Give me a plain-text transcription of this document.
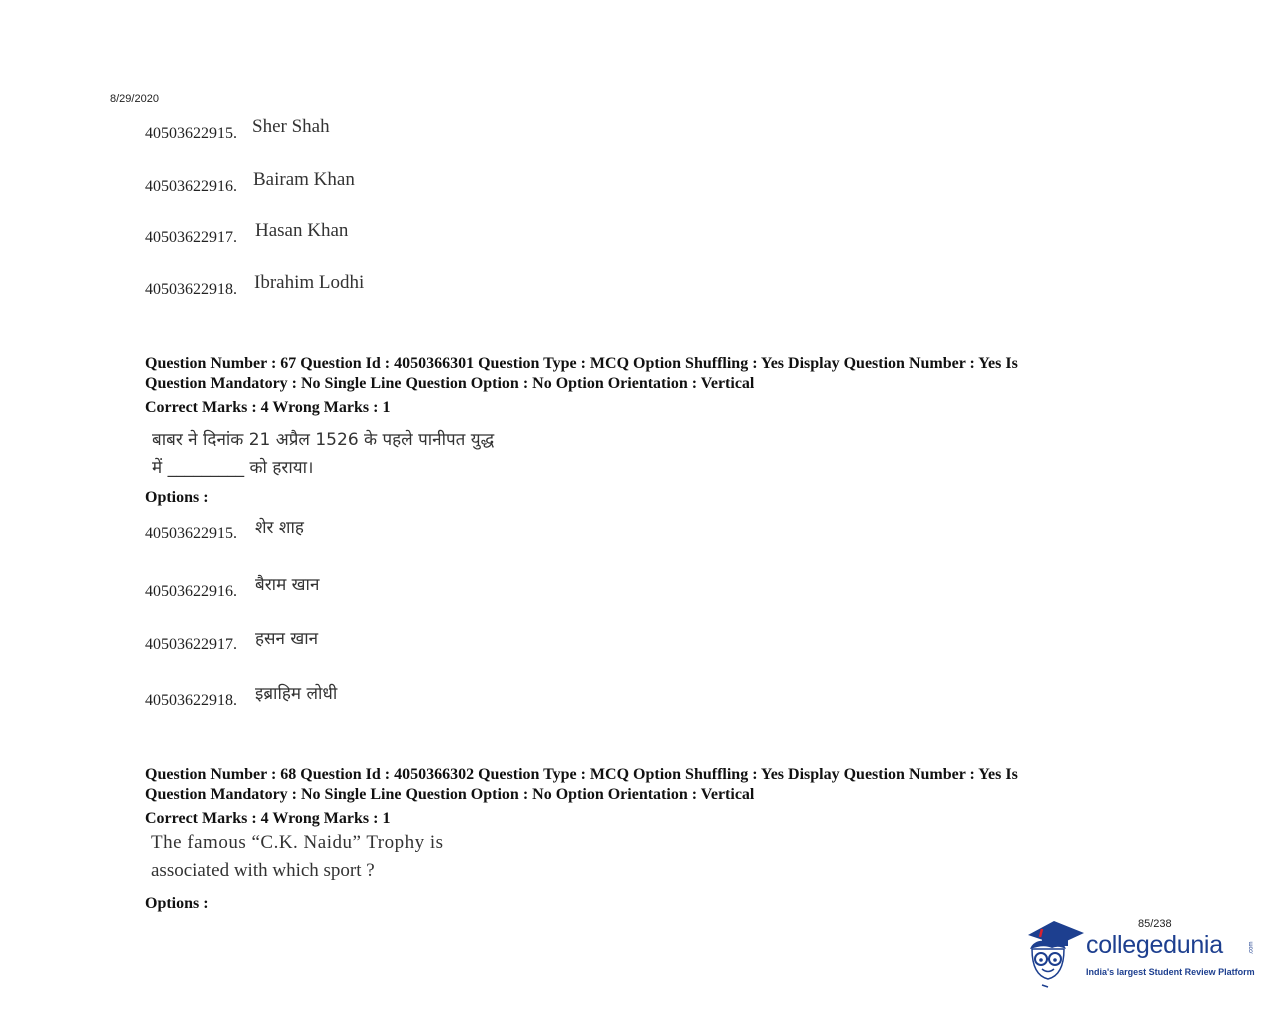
8/29/2020
40503622915. Sher Shah
40503622916. Bairam Khan
40503622917. Hasan Khan
40503622918. Ibrahim Lodhi
Question Number : 67 Question Id : 4050366301 Question Type : MCQ Option Shuffling : Yes Display Question Number : Yes Is
Question Mandatory : No Single Line Question Option : No Option Orientation : Vertical
Correct Marks : 4 Wrong Marks : 1
बाबर ने दिनांक 21 अप्रैल 1526 के पहले पानीपत युद्ध
में _________ को हराया।
Options :
40503622915. शेर शाह
40503622916. बैराम खान
40503622917. हसन खान
40503622918. इब्राहिम लोधी
Question Number : 68 Question Id : 4050366302 Question Type : MCQ Option Shuffling : Yes Display Question Number : Yes Is
Question Mandatory : No Single Line Question Option : No Option Orientation : Vertical
Correct Marks : 4 Wrong Marks : 1
The famous “C.K. Naidu” Trophy is
associated with which sport ?
Options :
85/238
collegedunia	.com
India's largest Student Review Platform
